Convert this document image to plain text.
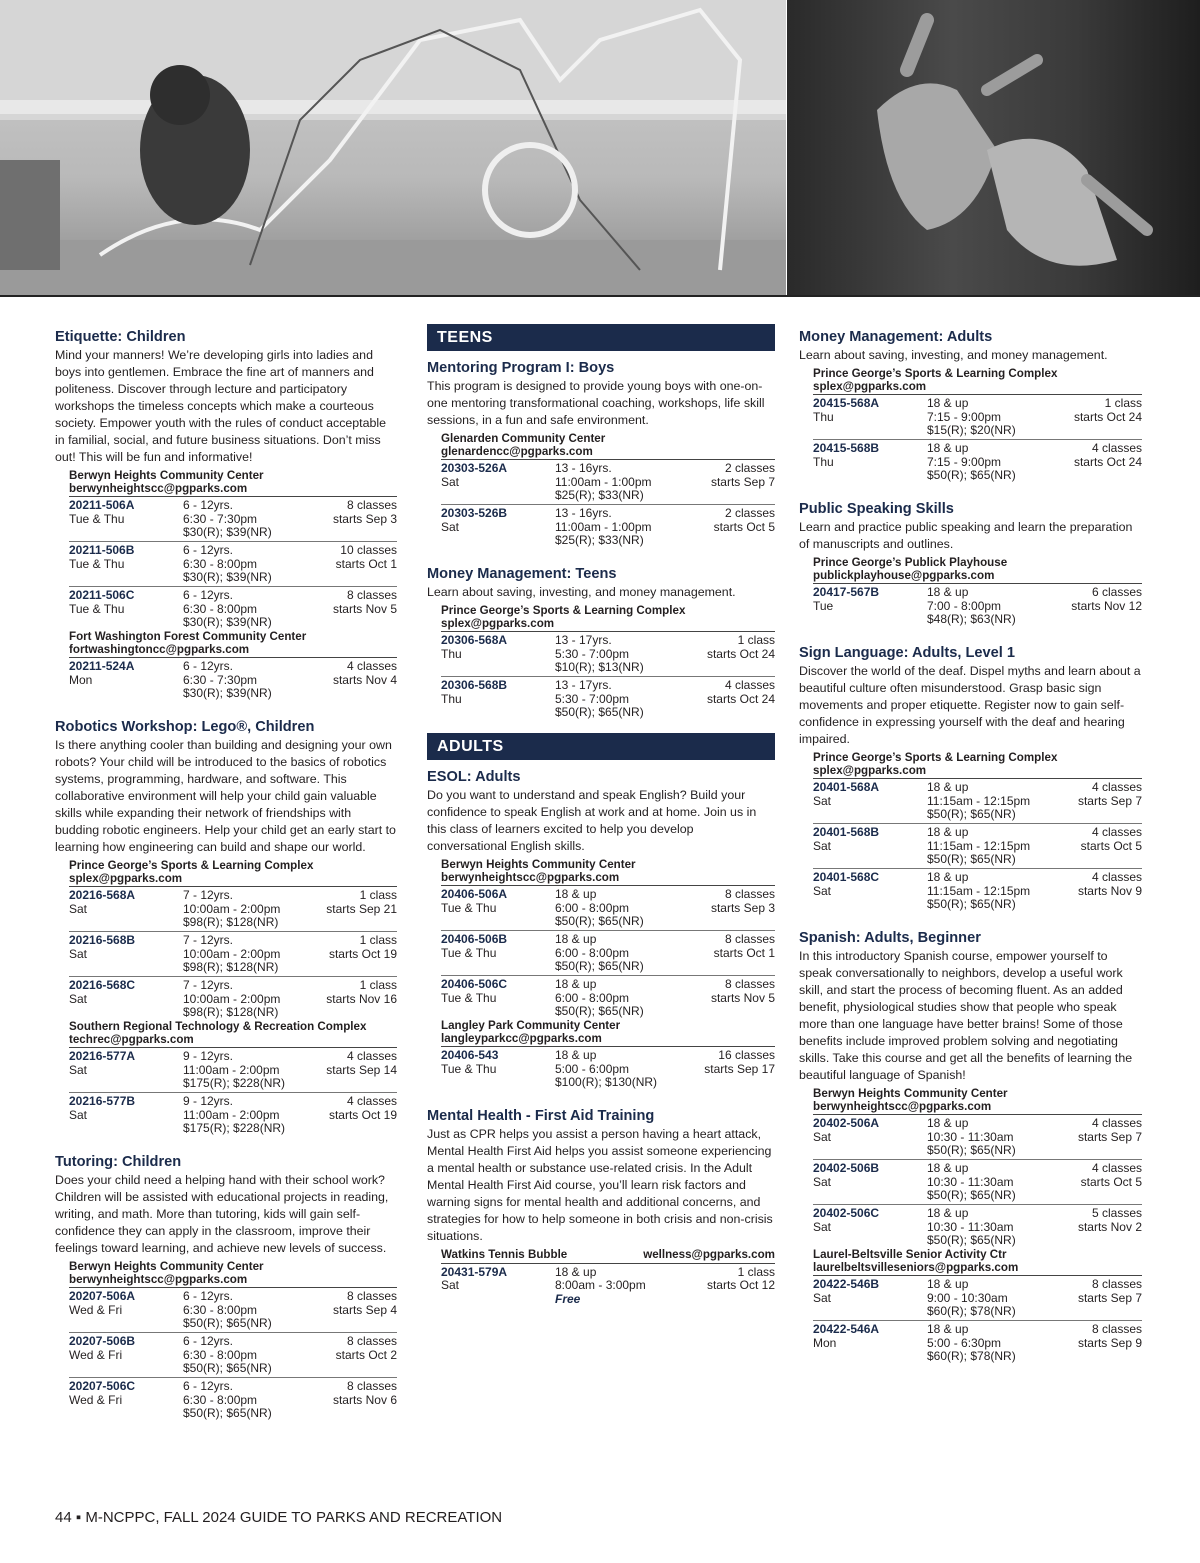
Etiquette: Children
Mind your manners! We’re developing girls into ladies and boys into gentlemen. Embrace the fine art of manners and politeness. Discover through lecture and participatory workshops the timeless concepts which make a courteous society. Empower youth with the rules of conduct acceptable in familial, social, and future business situations. Don’t miss out! This will be fun and informative!
Berwyn Heights Community Center
berwynheightscc@pgparks.com
20211-506A
Tue & Thu
6 - 12yrs.
6:30 - 7:30pm
$30(R); $39(NR)
8 classes
starts Sep 3
20211-506B
Tue & Thu
6 - 12yrs.
6:30 - 8:00pm
$30(R); $39(NR)
10 classes
starts Oct 1
20211-506C
Tue & Thu
6 - 12yrs.
6:30 - 8:00pm
$30(R); $39(NR)
8 classes
starts Nov 5
Fort Washington Forest Community Center
fortwashingtoncc@pgparks.com
20211-524A
Mon
6 - 12yrs.
6:30 - 7:30pm
$30(R); $39(NR)
4 classes
starts Nov 4
Robotics Workshop: Lego®, Children
Is there anything cooler than building and designing your own robots? Your child will be introduced to the basics of robotics systems, programming, hardware, and software. This collaborative environment will help your child gain valuable skills while expanding their network of friendships with budding robotic engineers. Help your child get an early start to learning how engineering can build and shape our world.
Prince George’s Sports & Learning Complex
splex@pgparks.com
20216-568A
Sat
7 - 12yrs.
10:00am - 2:00pm
$98(R); $128(NR)
1 class
starts Sep 21
20216-568B
Sat
7 - 12yrs.
10:00am - 2:00pm
$98(R); $128(NR)
1 class
starts Oct 19
20216-568C
Sat
7 - 12yrs.
10:00am - 2:00pm
$98(R); $128(NR)
1 class
starts Nov 16
Southern Regional Technology & Recreation Complex
techrec@pgparks.com
20216-577A
Sat
9 - 12yrs.
11:00am - 2:00pm
$175(R); $228(NR)
4 classes
starts Sep 14
20216-577B
Sat
9 - 12yrs.
11:00am - 2:00pm
$175(R); $228(NR)
4 classes
starts Oct 19
Tutoring: Children
Does your child need a helping hand with their school work? Children will be assisted with educational projects in reading, writing, and math. More than tutoring, kids will gain self-confidence they can apply in the classroom, improve their feelings toward learning, and achieve new levels of success.
Berwyn Heights Community Center
berwynheightscc@pgparks.com
20207-506A
Wed & Fri
6 - 12yrs.
6:30 - 8:00pm
$50(R); $65(NR)
8 classes
starts Sep 4
20207-506B
Wed & Fri
6 - 12yrs.
6:30 - 8:00pm
$50(R); $65(NR)
8 classes
starts Oct 2
20207-506C
Wed & Fri
6 - 12yrs.
6:30 - 8:00pm
$50(R); $65(NR)
8 classes
starts Nov 6
TEENS
Mentoring Program I: Boys
This program is designed to provide young boys with one-on-one mentoring transformational coaching, workshops, life skill sessions, in a fun and safe environment.
Glenarden Community Center
glenardencc@pgparks.com
20303-526A
Sat
13 - 16yrs.
11:00am - 1:00pm
$25(R); $33(NR)
2 classes
starts Sep 7
20303-526B
Sat
13 - 16yrs.
11:00am - 1:00pm
$25(R); $33(NR)
2 classes
starts Oct 5
Money Management: Teens
Learn about saving, investing, and money management.
Prince George’s Sports & Learning Complex
splex@pgparks.com
20306-568A
Thu
13 - 17yrs.
5:30 - 7:00pm
$10(R); $13(NR)
1 class
starts Oct 24
20306-568B
Thu
13 - 17yrs.
5:30 - 7:00pm
$50(R); $65(NR)
4 classes
starts Oct 24
ADULTS
ESOL: Adults
Do you want to understand and speak English? Build your confidence to speak English at work and at home. Join us in this class of learners excited to help you develop conversational English skills.
Berwyn Heights Community Center
berwynheightscc@pgparks.com
20406-506A
Tue & Thu
18 & up
6:00 - 8:00pm
$50(R); $65(NR)
8 classes
starts Sep 3
20406-506B
Tue & Thu
18 & up
6:00 - 8:00pm
$50(R); $65(NR)
8 classes
starts Oct 1
20406-506C
Tue & Thu
18 & up
6:00 - 8:00pm
$50(R); $65(NR)
8 classes
starts Nov 5
Langley Park Community Center
langleyparkcc@pgparks.com
20406-543
Tue & Thu
18 & up
5:00 - 6:00pm
$100(R); $130(NR)
16 classes
starts Sep 17
Mental Health - First Aid Training
Just as CPR helps you assist a person having a heart attack, Mental Health First Aid helps you assist someone experiencing a mental health or substance use-related crisis. In the Adult Mental Health First Aid course, you’ll learn risk factors and warning signs for mental health and additional concerns, and strategies for how to help someone in both crisis and non-crisis situations.
Watkins Tennis Bubble	wellness@pgparks.com
20431-579A
Sat
18 & up
8:00am - 3:00pm
Free
1 class
starts Oct 12
Money Management: Adults
Learn about saving, investing, and money management.
Prince George’s Sports & Learning Complex
splex@pgparks.com
20415-568A
Thu
18 & up
7:15 - 9:00pm
$15(R); $20(NR)
1 class
starts Oct 24
20415-568B
Thu
18 & up
7:15 - 9:00pm
$50(R); $65(NR)
4 classes
starts Oct 24
Public Speaking Skills
Learn and practice public speaking and learn the preparation of manuscripts and outlines.
Prince George’s Publick Playhouse
publickplayhouse@pgparks.com
20417-567B
Tue
18 & up
7:00 - 8:00pm
$48(R); $63(NR)
6 classes
starts Nov 12
Sign Language: Adults, Level 1
Discover the world of the deaf. Dispel myths and learn about a beautiful culture often misunderstood. Grasp basic sign movements and proper etiquette. Register now to gain self-confidence in expressing yourself with the deaf and hearing impaired.
Prince George’s Sports & Learning Complex
splex@pgparks.com
20401-568A
Sat
18 & up
11:15am - 12:15pm
$50(R); $65(NR)
4 classes
starts Sep 7
20401-568B
Sat
18 & up
11:15am - 12:15pm
$50(R); $65(NR)
4 classes
starts Oct 5
20401-568C
Sat
18 & up
11:15am - 12:15pm
$50(R); $65(NR)
4 classes
starts Nov 9
Spanish: Adults, Beginner
In this introductory Spanish course, empower yourself to speak conversationally to neighbors, develop a useful work skill, and start the process of becoming fluent. As an added benefit, physiological studies show that people who speak more than one language have better brains! Some of those benefits include improved problem solving and negotiating skills. Take this course and get all the benefits of learning the beautiful language of Spanish!
Berwyn Heights Community Center
berwynheightscc@pgparks.com
20402-506A
Sat
18 & up
10:30 - 11:30am
$50(R); $65(NR)
4 classes
starts Sep 7
20402-506B
Sat
18 & up
10:30 - 11:30am
$50(R); $65(NR)
4 classes
starts Oct 5
20402-506C
Sat
18 & up
10:30 - 11:30am
$50(R); $65(NR)
5 classes
starts Nov 2
Laurel-Beltsville Senior Activity Ctr
laurelbeltsvilleseniors@pgparks.com
20422-546B
Sat
18 & up
9:00 - 10:30am
$60(R); $78(NR)
8 classes
starts Sep 7
20422-546A
Mon
18 & up
5:00 - 6:30pm
$60(R); $78(NR)
8 classes
starts Sep 9
44 ▪ M-NCPPC, FALL 2024 GUIDE TO PARKS AND RECREATION
